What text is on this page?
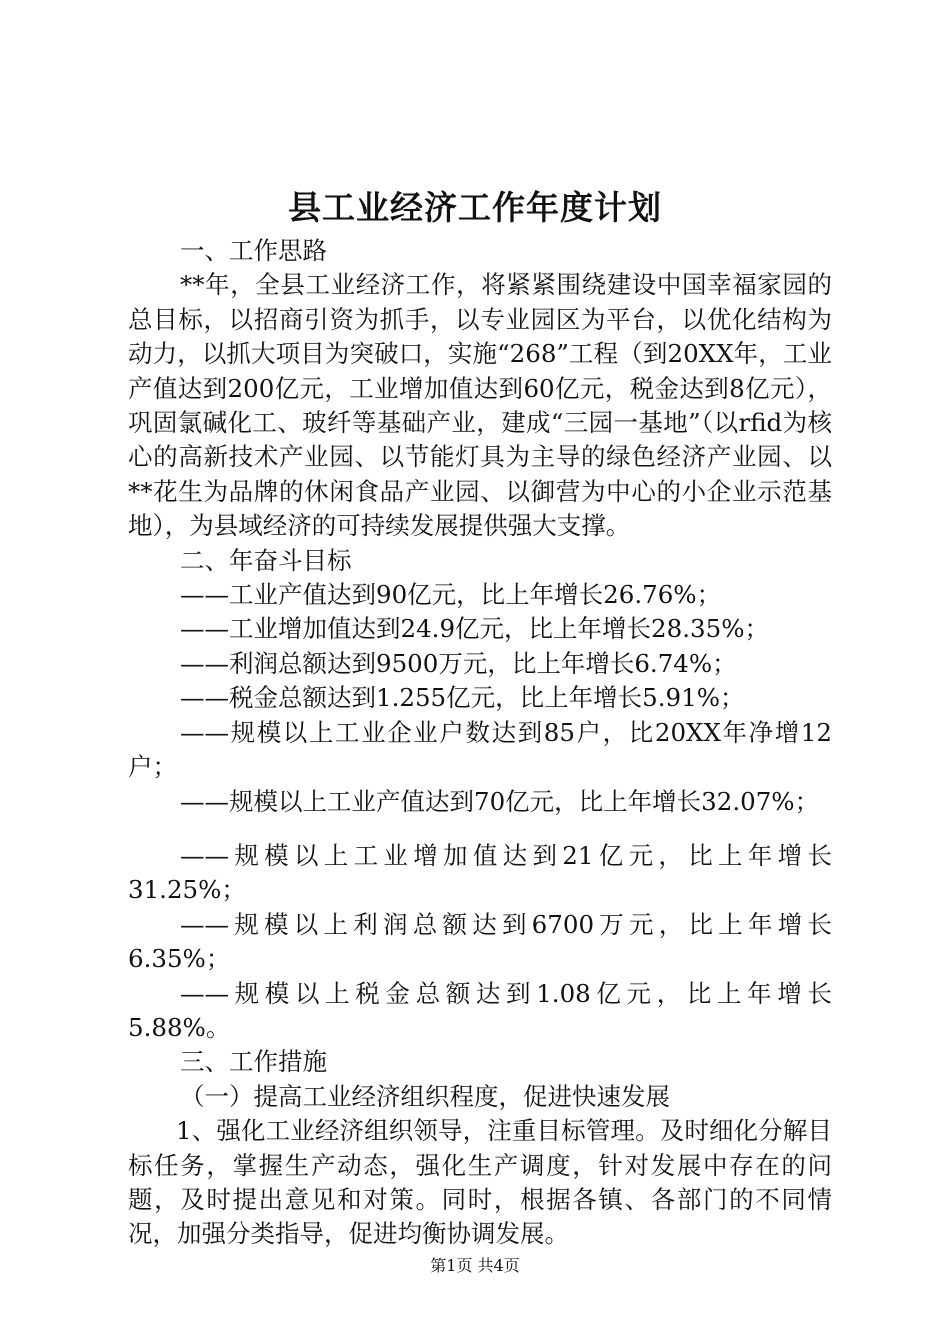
县工业经济工作年度计划

一、工作思路

**年，全县工业经济工作，将紧紧围绕建设中国幸福家园的总目标，以招商引资为抓手，以专业园区为平台，以优化结构为动力，以抓大项目为突破口，实施“268”工程（到20XX年，工业产值达到200亿元，工业增加值达到60亿元，税金达到8亿元），巩固氯碱化工、玻纤等基础产业，建成“三园一基地”（以rfid为核心的高新技术产业园、以节能灯具为主导的绿色经济产业园、以**花生为品牌的休闲食品产业园、以御营为中心的小企业示范基地），为县域经济的可持续发展提供强大支撑。

二、年奋斗目标

——工业产值达到90亿元，比上年增长26.76%；

——工业增加值达到24.9亿元，比上年增长28.35%；

——利润总额达到9500万元，比上年增长6.74%；

——税金总额达到1.255亿元，比上年增长5.91%；

——规模以上工业企业户数达到85户，比20XX年净增12户；

——规模以上工业产值达到70亿元，比上年增长32.07%；

——规模以上工业增加值达到21亿元，比上年增长

31.25%；

——规模以上利润总额达到6700万元，比上年增长

6.35%；

——规模以上税金总额达到1.08亿元，比上年增长

5.88%。

三、工作措施

（一）提高工业经济组织程度，促进快速发展

1、强化工业经济组织领导，注重目标管理。及时细化分解目标任务，掌握生产动态，强化生产调度，针对发展中存在的问题，及时提出意见和对策。同时，根据各镇、各部门的不同情况，加强分类指导，促进均衡协调发展。

第1页 共4页
